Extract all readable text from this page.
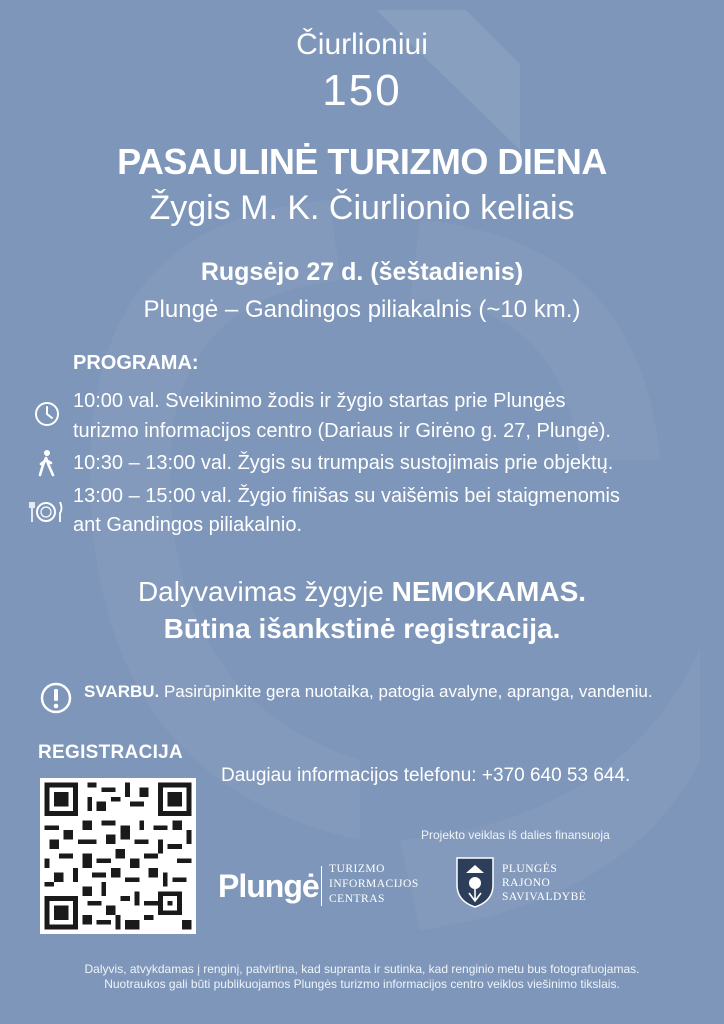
Čiurlioniui
150
PASAULINĖ TURIZMO DIENA
Žygis M. K. Čiurlionio keliais
Rugsėjo 27 d. (šeštadienis)
Plungė – Gandingos piliakalnis (~10 km.)
PROGRAMA:
10:00 val. Sveikinimo žodis ir žygio startas prie Plungės
turizmo informacijos centro (Dariaus ir Girėno g. 27, Plungė).
10:30 – 13:00 val. Žygis su trumpais sustojimais prie objektų.
13:00 – 15:00 val. Žygio finišas su vaišėmis bei staigmenomis
ant Gandingos piliakalnio.
Dalyvavimas žygyje NEMOKAMAS.
Būtina išankstinė registracija.
SVARBU. Pasirūpinkite gera nuotaika, patogia avalyne, apranga, vandeniu.
REGISTRACIJA
Daugiau informacijos telefonu: +370 640 53 644.
Projekto veiklas iš dalies finansuoja
Plungė TURIZMO
INFORMACIJOS
CENTRAS
PLUNGĖS
RAJONO
SAVIVALDYBĖ
Dalyvis, atvykdamas į renginį, patvirtina, kad supranta ir sutinka, kad renginio metu bus fotografuojamas.
Nuotraukos gali būti publikuojamos Plungės turizmo informacijos centro veiklos viešinimo tikslais.
